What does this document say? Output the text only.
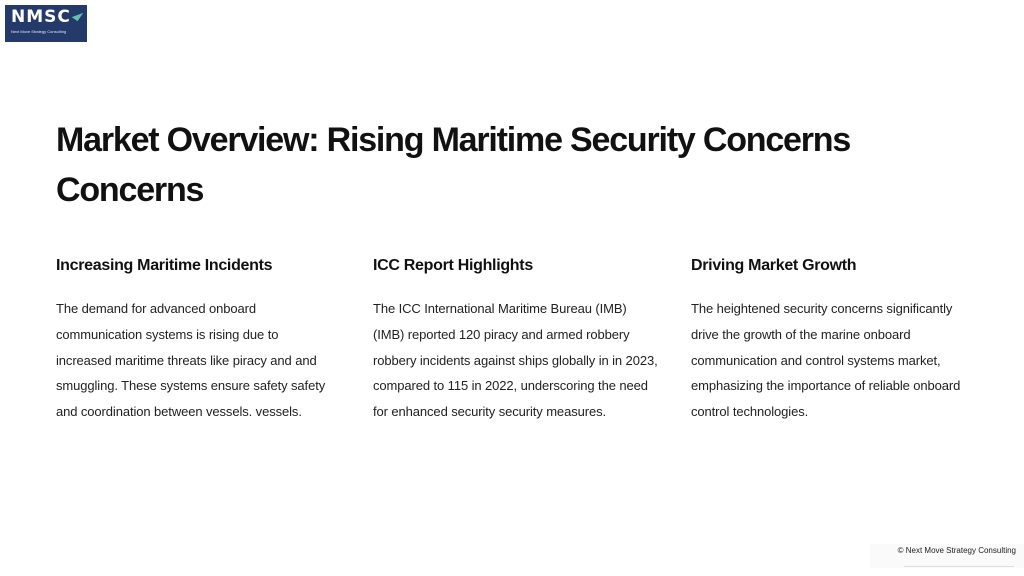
NMSC
Next Move Strategy Consulting
Market Overview: Rising Maritime Security Concerns Concerns
Increasing Maritime Incidents

The demand for advanced onboard communication systems is rising due to increased maritime threats like piracy and and smuggling. These systems ensure safety safety and coordination between vessels. vessels.

ICC Report Highlights

The ICC International Maritime Bureau (IMB) (IMB) reported 120 piracy and armed robbery robbery incidents against ships globally in in 2023, compared to 115 in 2022, underscoring the need for enhanced security security measures.

Driving Market Growth

The heightened security concerns significantly drive the growth of the marine onboard communication and control systems market, emphasizing the importance of reliable onboard control technologies.

© Next Move Strategy Consulting
